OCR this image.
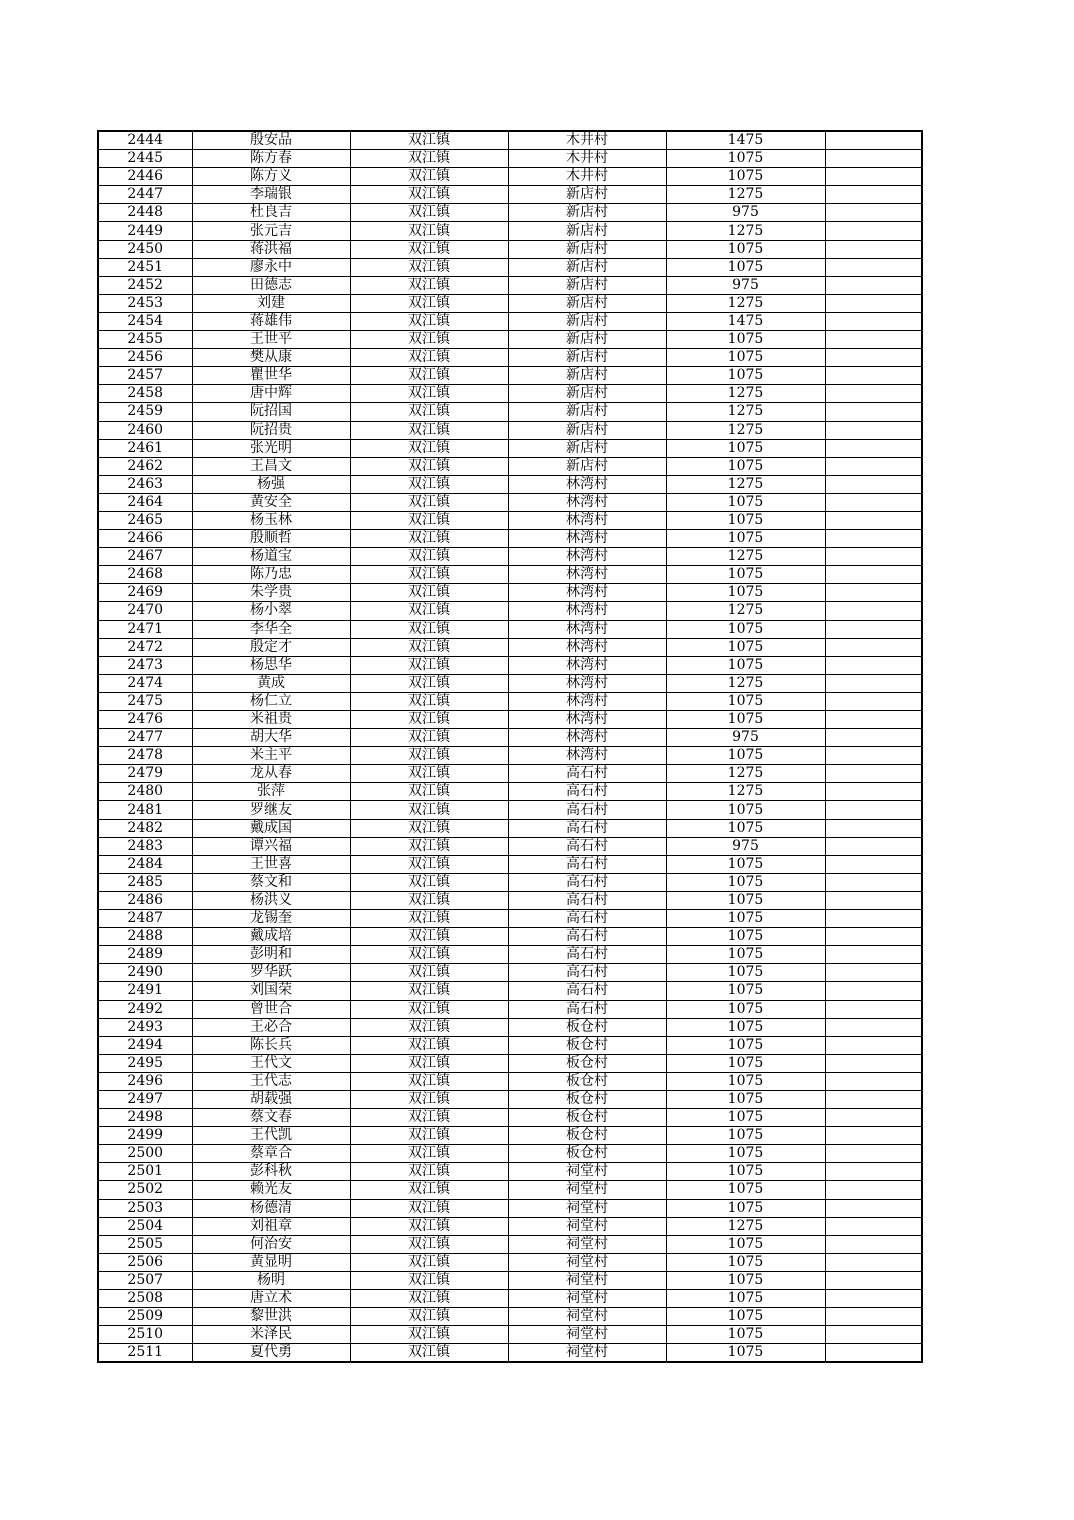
2444	殷安品	双江镇	木井村	1475	
2445	陈方春	双江镇	木井村	1075	
2446	陈方义	双江镇	木井村	1075	
2447	李瑞银	双江镇	新店村	1275	
2448	杜良吉	双江镇	新店村	975	
2449	张元吉	双江镇	新店村	1275	
2450	蒋洪福	双江镇	新店村	1075	
2451	廖永中	双江镇	新店村	1075	
2452	田德志	双江镇	新店村	975	
2453	刘建	双江镇	新店村	1275	
2454	蒋雄伟	双江镇	新店村	1475	
2455	王世平	双江镇	新店村	1075	
2456	樊从康	双江镇	新店村	1075	
2457	瞿世华	双江镇	新店村	1075	
2458	唐中辉	双江镇	新店村	1275	
2459	阮招国	双江镇	新店村	1275	
2460	阮招贵	双江镇	新店村	1275	
2461	张光明	双江镇	新店村	1075	
2462	王昌文	双江镇	新店村	1075	
2463	杨强	双江镇	林湾村	1275	
2464	黄安全	双江镇	林湾村	1075	
2465	杨玉林	双江镇	林湾村	1075	
2466	殷顺哲	双江镇	林湾村	1075	
2467	杨道宝	双江镇	林湾村	1275	
2468	陈乃忠	双江镇	林湾村	1075	
2469	朱学贵	双江镇	林湾村	1075	
2470	杨小翠	双江镇	林湾村	1275	
2471	李华全	双江镇	林湾村	1075	
2472	殷定才	双江镇	林湾村	1075	
2473	杨思华	双江镇	林湾村	1075	
2474	黄成	双江镇	林湾村	1275	
2475	杨仁立	双江镇	林湾村	1075	
2476	米祖贵	双江镇	林湾村	1075	
2477	胡大华	双江镇	林湾村	975	
2478	米主平	双江镇	林湾村	1075	
2479	龙从春	双江镇	高石村	1275	
2480	张萍	双江镇	高石村	1275	
2481	罗继友	双江镇	高石村	1075	
2482	戴成国	双江镇	高石村	1075	
2483	谭兴福	双江镇	高石村	975	
2484	王世喜	双江镇	高石村	1075	
2485	蔡文和	双江镇	高石村	1075	
2486	杨洪义	双江镇	高石村	1075	
2487	龙锡奎	双江镇	高石村	1075	
2488	戴成培	双江镇	高石村	1075	
2489	彭明和	双江镇	高石村	1075	
2490	罗华跃	双江镇	高石村	1075	
2491	刘国荣	双江镇	高石村	1075	
2492	曾世合	双江镇	高石村	1075	
2493	王必合	双江镇	板仓村	1075	
2494	陈长兵	双江镇	板仓村	1075	
2495	王代文	双江镇	板仓村	1075	
2496	王代志	双江镇	板仓村	1075	
2497	胡载强	双江镇	板仓村	1075	
2498	蔡文春	双江镇	板仓村	1075	
2499	王代凯	双江镇	板仓村	1075	
2500	蔡章合	双江镇	板仓村	1075	
2501	彭科秋	双江镇	祠堂村	1075	
2502	赖光友	双江镇	祠堂村	1075	
2503	杨德清	双江镇	祠堂村	1075	
2504	刘祖章	双江镇	祠堂村	1275	
2505	何治安	双江镇	祠堂村	1075	
2506	黄显明	双江镇	祠堂村	1075	
2507	杨明	双江镇	祠堂村	1075	
2508	唐立术	双江镇	祠堂村	1075	
2509	黎世洪	双江镇	祠堂村	1075	
2510	米泽民	双江镇	祠堂村	1075	
2511	夏代勇	双江镇	祠堂村	1075	
